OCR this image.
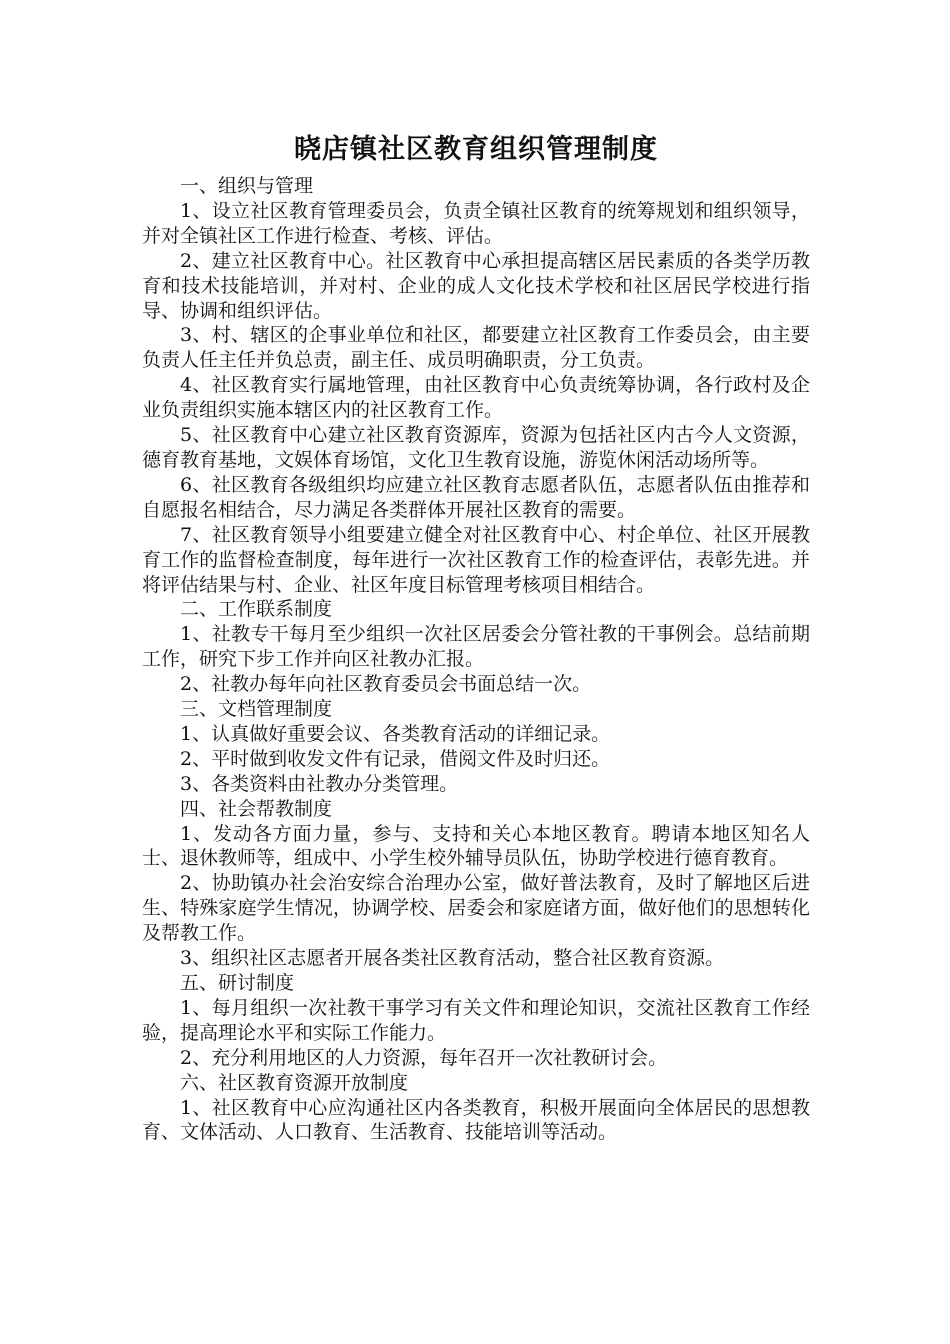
晓店镇社区教育组织管理制度
一、组织与管理
1、设立社区教育管理委员会，负责全镇社区教育的统筹规划和组织领导，并对全镇社区工作进行检查、考核、评估。
2、建立社区教育中心。社区教育中心承担提高辖区居民素质的各类学历教育和技术技能培训，并对村、企业的成人文化技术学校和社区居民学校进行指导、协调和组织评估。
3、村、辖区的企事业单位和社区，都要建立社区教育工作委员会，由主要负责人任主任并负总责，副主任、成员明确职责，分工负责。
4、社区教育实行属地管理，由社区教育中心负责统筹协调，各行政村及企业负责组织实施本辖区内的社区教育工作。
5、社区教育中心建立社区教育资源库，资源为包括社区内古今人文资源，德育教育基地，文娱体育场馆，文化卫生教育设施，游览休闲活动场所等。
6、社区教育各级组织均应建立社区教育志愿者队伍，志愿者队伍由推荐和自愿报名相结合，尽力满足各类群体开展社区教育的需要。
7、社区教育领导小组要建立健全对社区教育中心、村企单位、社区开展教育工作的监督检查制度，每年进行一次社区教育工作的检查评估，表彰先进。并将评估结果与村、企业、社区年度目标管理考核项目相结合。
二、工作联系制度
1、社教专干每月至少组织一次社区居委会分管社教的干事例会。总结前期工作，研究下步工作并向区社教办汇报。
2、社教办每年向社区教育委员会书面总结一次。
三、文档管理制度
1、认真做好重要会议、各类教育活动的详细记录。
2、平时做到收发文件有记录，借阅文件及时归还。
3、各类资料由社教办分类管理。
四、社会帮教制度
1、发动各方面力量，参与、支持和关心本地区教育。聘请本地区知名人士、退休教师等，组成中、小学生校外辅导员队伍，协助学校进行德育教育。
2、协助镇办社会治安综合治理办公室，做好普法教育，及时了解地区后进生、特殊家庭学生情况，协调学校、居委会和家庭诸方面，做好他们的思想转化及帮教工作。
3、组织社区志愿者开展各类社区教育活动，整合社区教育资源。
五、研讨制度
1、每月组织一次社教干事学习有关文件和理论知识，交流社区教育工作经验，提高理论水平和实际工作能力。
2、充分利用地区的人力资源，每年召开一次社教研讨会。
六、社区教育资源开放制度
1、社区教育中心应沟通社区内各类教育，积极开展面向全体居民的思想教育、文体活动、人口教育、生活教育、技能培训等活动。
